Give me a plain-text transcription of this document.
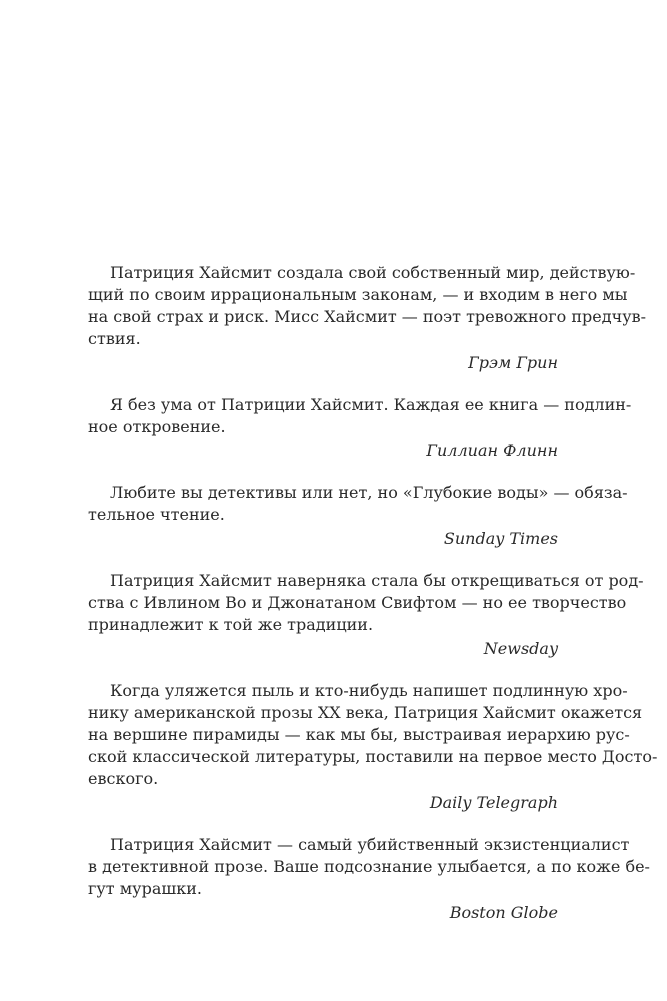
Патриция Хайсмит создала свой собственный мир, действую-
щий по своим иррациональным законам, — и входим в него мы
на свой страх и риск. Мисс Хайсмит — поэт тревожного предчув-
ствия.

Грэм Грин

Я без ума от Патриции Хайсмит. Каждая ее книга — подлин-
ное откровение.

Гиллиан Флинн

Любите вы детективы или нет, но «Глубокие воды» — обяза-
тельное чтение.

Sunday Times

Патриция Хайсмит наверняка стала бы открещиваться от род-
ства с Ивлином Во и Джонатаном Свифтом — но ее творчество
принадлежит к той же традиции.

Newsday

Когда уляжется пыль и кто-нибудь напишет подлинную хро-
нику американской прозы XX века, Патриция Хайсмит окажется
на вершине пирамиды — как мы бы, выстраивая иерархию рус-
ской классической литературы, поставили на первое место Досто-
евского.

Daily Telegraph

Патриция Хайсмит — самый убийственный экзистенциалист
в детективной прозе. Ваше подсознание улыбается, а по коже бе-
гут мурашки.

Boston Globe
